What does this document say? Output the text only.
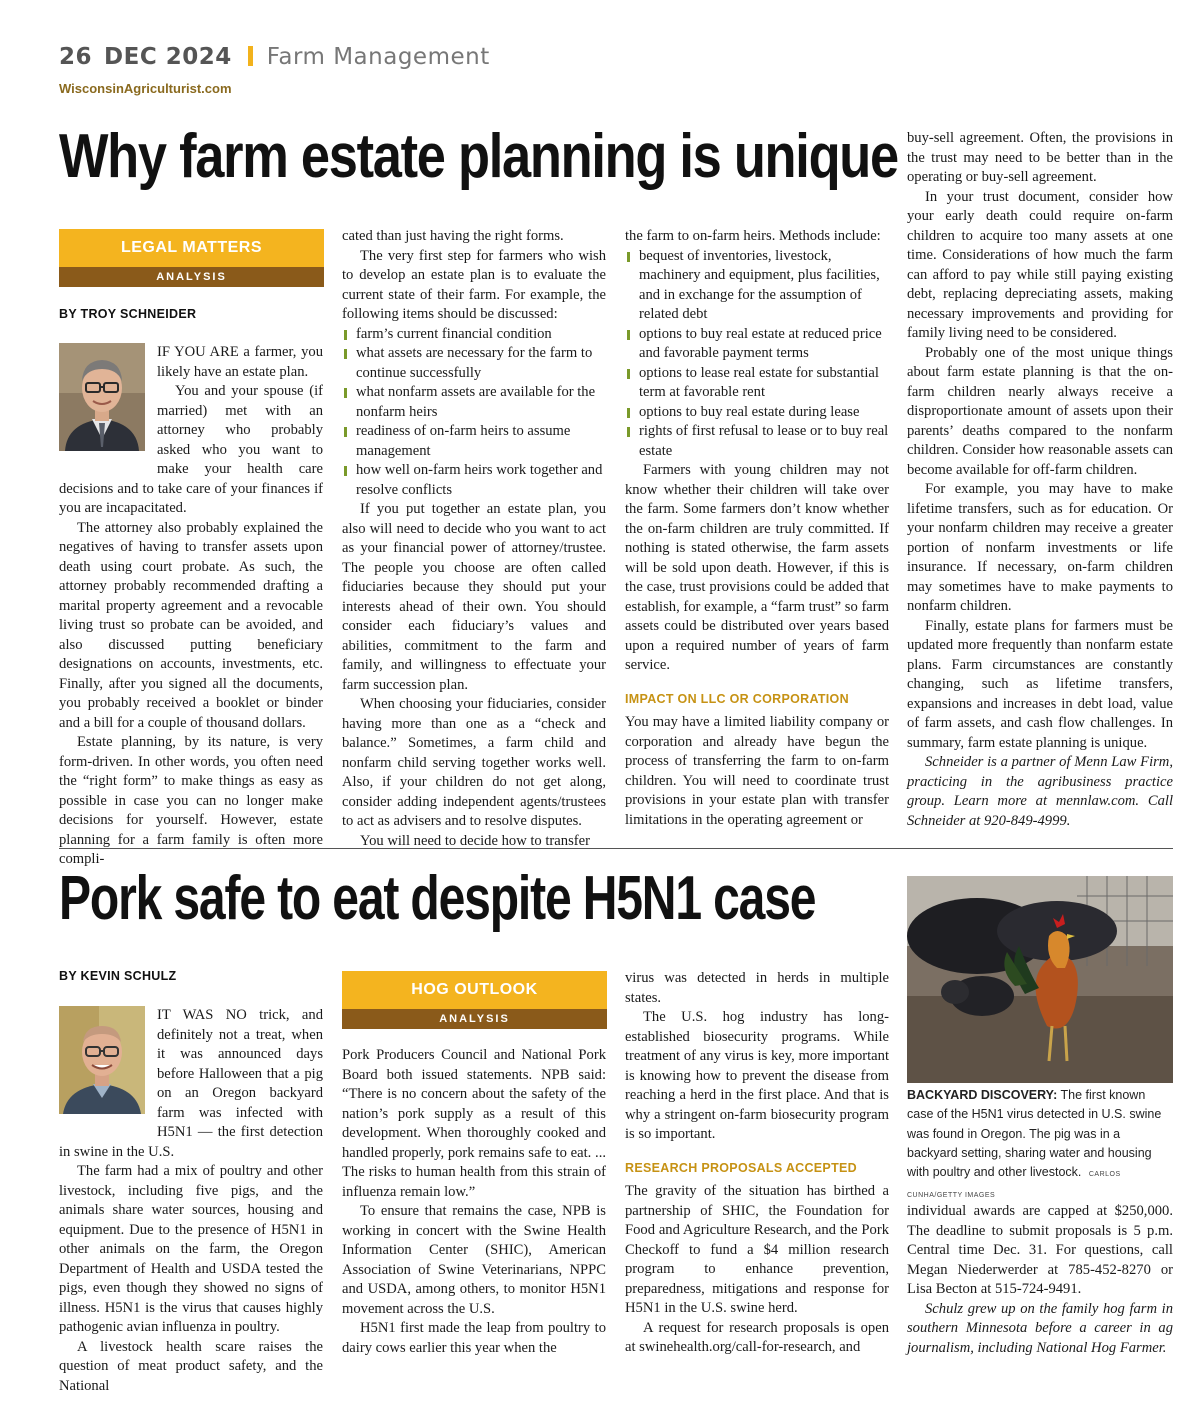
26 DEC 2024 Farm Management
WisconsinAgriculturist.com
Why farm estate planning is unique
LEGAL MATTERS
ANALYSIS
BY TROY SCHNEIDER

IF YOU ARE a farmer, you likely have an estate plan.

You and your spouse (if married) met with an attorney who probably asked who you want to make your health care decisions and to take care of your finances if you are incapacitated.

The attorney also probably explained the negatives of having to transfer assets upon death using court probate. As such, the attorney probably recommended drafting a marital property agreement and a revocable living trust so probate can be avoided, and also discussed putting beneficiary designations on accounts, investments, etc. Finally, after you signed all the documents, you probably received a booklet or binder and a bill for a couple of thousand dollars.

Estate planning, by its nature, is very form-driven. In other words, you often need the “right form” to make things as easy as possible in case you can no longer make decisions for yourself. However, estate planning for a farm family is often more compli-

cated than just having the right forms.

The very first step for farmers who wish to develop an estate plan is to evaluate the current state of their farm. For example, the following items should be discussed:

farm’s current financial condition
what assets are necessary for the farm to continue successfully
what nonfarm assets are available for the nonfarm heirs
readiness of on-farm heirs to assume management
how well on-farm heirs work together and resolve conflicts

If you put together an estate plan, you also will need to decide who you want to act as your financial power of attorney/trustee. The people you choose are often called fiduciaries because they should put your interests ahead of their own. You should consider each fiduciary’s values and abilities, commitment to the farm and family, and willingness to effectuate your farm succession plan.

When choosing your fiduciaries, consider having more than one as a “check and balance.” Sometimes, a farm child and nonfarm child serving together works well. Also, if your children do not get along, consider adding independent agents/trustees to act as advisers and to resolve disputes.

You will need to decide how to transfer

the farm to on-farm heirs. Methods include:

bequest of inventories, livestock, machinery and equipment, plus facilities, and in exchange for the assumption of related debt
options to buy real estate at reduced price and favorable payment terms
options to lease real estate for substantial term at favorable rent
options to buy real estate during lease
rights of first refusal to lease or to buy real estate

Farmers with young children may not know whether their children will take over the farm. Some farmers don’t know whether the on-farm children are truly committed. If nothing is stated otherwise, the farm assets will be sold upon death. However, if this is the case, trust provisions could be added that establish, for example, a “farm trust” so farm assets could be distributed over years based upon a required number of years of farm service.

IMPACT ON LLC OR CORPORATION

You may have a limited liability company or corporation and already have begun the process of transferring the farm to on-farm children. You will need to coordinate trust provisions in your estate plan with transfer limitations in the operating agreement or

buy-sell agreement. Often, the provisions in the trust may need to be better than in the operating or buy-sell agreement.

In your trust document, consider how your early death could require on-farm children to acquire too many assets at one time. Considerations of how much the farm can afford to pay while still paying existing debt, replacing depreciating assets, making necessary improvements and providing for family living need to be considered.

Probably one of the most unique things about farm estate planning is that the on-farm children nearly always receive a disproportionate amount of assets upon their parents’ deaths compared to the nonfarm children. Consider how reasonable assets can become available for off-farm children.

For example, you may have to make lifetime transfers, such as for education. Or your nonfarm children may receive a greater portion of nonfarm investments or life insurance. If necessary, on-farm children may sometimes have to make payments to nonfarm children.

Finally, estate plans for farmers must be updated more frequently than nonfarm estate plans. Farm circumstances are constantly changing, such as lifetime transfers, expansions and increases in debt load, value of farm assets, and cash flow challenges. In summary, farm estate planning is unique.

Schneider is a partner of Menn Law Firm, practicing in the agribusiness practice group. Learn more at mennlaw.com. Call Schneider at 920-849-4999.

Pork safe to eat despite H5N1 case
BY KEVIN SCHULZ

IT WAS NO trick, and definitely not a treat, when it was announced days before Halloween that a pig on an Oregon backyard farm was infected with H5N1 — the first detection in swine in the U.S.

The farm had a mix of poultry and other livestock, including five pigs, and the animals share water sources, housing and equipment. Due to the presence of H5N1 in other animals on the farm, the Oregon Department of Health and USDA tested the pigs, even though they showed no signs of illness. H5N1 is the virus that causes highly pathogenic avian influenza in poultry.

A livestock health scare raises the question of meat product safety, and the National

HOG OUTLOOK
ANALYSIS

Pork Producers Council and National Pork Board both issued statements. NPB said: “There is no concern about the safety of the nation’s pork supply as a result of this development. When thoroughly cooked and handled properly, pork remains safe to eat. ... The risks to human health from this strain of influenza remain low.”

To ensure that remains the case, NPB is working in concert with the Swine Health Information Center (SHIC), American Association of Swine Veterinarians, NPPC and USDA, among others, to monitor H5N1 movement across the U.S.

H5N1 first made the leap from poultry to dairy cows earlier this year when the

virus was detected in herds in multiple states.

The U.S. hog industry has long-established biosecurity programs. While treatment of any virus is key, more important is knowing how to prevent the disease from reaching a herd in the first place. And that is why a stringent on-farm biosecurity program is so important.

RESEARCH PROPOSALS ACCEPTED

The gravity of the situation has birthed a partnership of SHIC, the Foundation for Food and Agriculture Research, and the Pork Checkoff to fund a $4 million research program to enhance prevention, preparedness, mitigations and response for H5N1 in the U.S. swine herd.

A request for research proposals is open at swinehealth.org/call-for-research, and

BACKYARD DISCOVERY: The first known case of the H5N1 virus detected in U.S. swine was found in Oregon. The pig was in a backyard setting, sharing water and housing with poultry and other livestock. CARLOS CUNHA/GETTY IMAGES

individual awards are capped at $250,000. The deadline to submit proposals is 5 p.m. Central time Dec. 31. For questions, call Megan Niederwerder at 785-452-8270 or Lisa Becton at 515-724-9491.

Schulz grew up on the family hog farm in southern Minnesota before a career in ag journalism, including National Hog Farmer.
